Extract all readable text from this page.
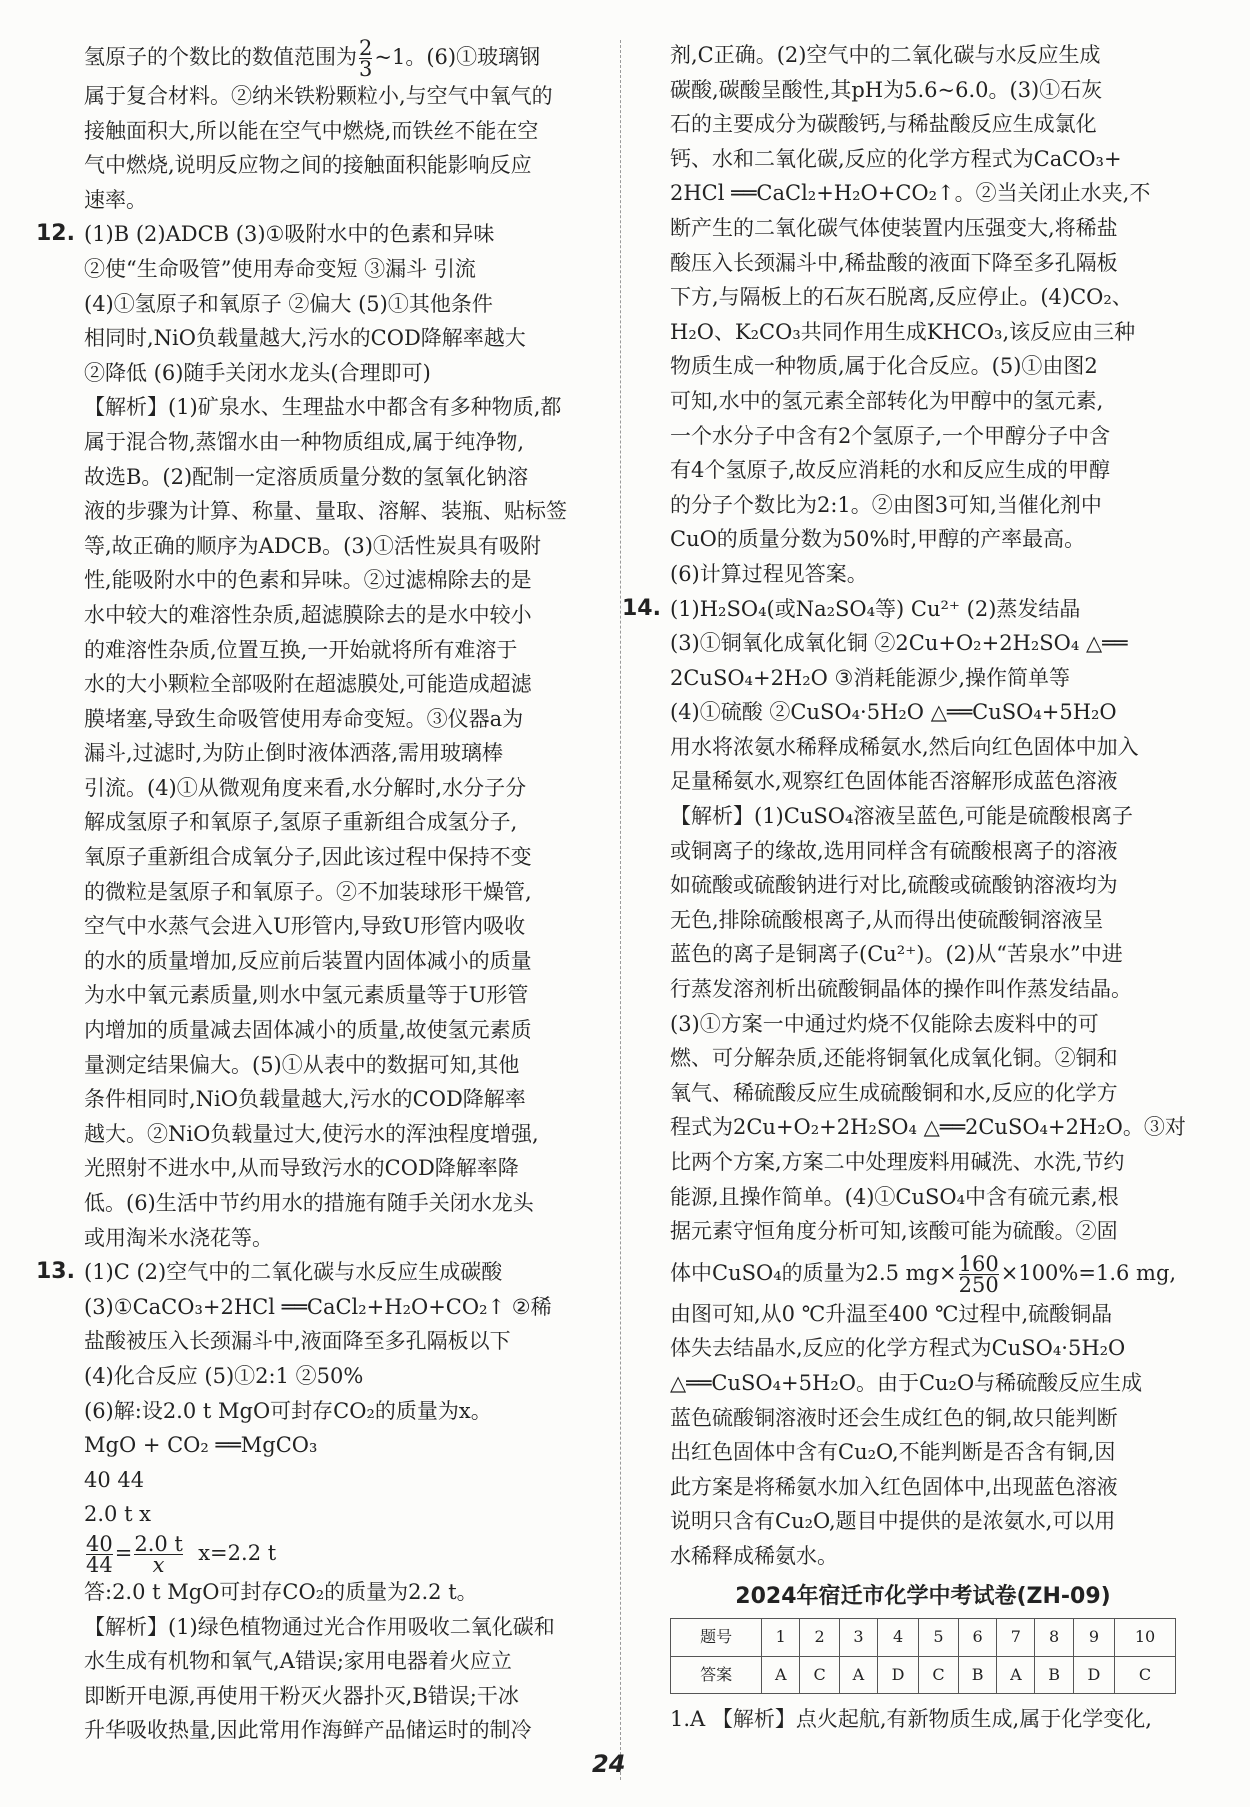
氢原子的个数比的数值范围为 $\frac{2}{3}$ ~1。(6)①玻璃钢

属于复合材料。②纳米铁粉颗粒小,与空气中氧气的

接触面积大,所以能在空气中燃烧,而铁丝不能在空

气中燃烧,说明反应物之间的接触面积能影响反应

速率。

12. (1)B (2)ADCB (3)①吸附水中的色素和异味

②使“生命吸管”使用寿命变短 ③漏斗 引流

(4)①氢原子和氧原子 ②偏大 (5)①其他条件

相同时,NiO负载量越大,污水的COD降解率越大

②降低 (6)随手关闭水龙头(合理即可)

【解析】(1)矿泉水、生理盐水中都含有多种物质,都

属于混合物,蒸馏水由一种物质组成,属于纯净物,

故选B。(2)配制一定溶质质量分数的氢氧化钠溶

液的步骤为计算、称量、量取、溶解、装瓶、贴标签

等,故正确的顺序为ADCB。(3)①活性炭具有吸附

性,能吸附水中的色素和异味。②过滤棉除去的是

水中较大的难溶性杂质,超滤膜除去的是水中较小

的难溶性杂质,位置互换,一开始就将所有难溶于

水的大小颗粒全部吸附在超滤膜处,可能造成超滤

膜堵塞,导致生命吸管使用寿命变短。③仪器a为

漏斗,过滤时,为防止倒时液体洒落,需用玻璃棒

引流。(4)①从微观角度来看,水分解时,水分子分

解成氢原子和氧原子,氢原子重新组合成氢分子,

氧原子重新组合成氧分子,因此该过程中保持不变

的微粒是氢原子和氧原子。②不加装球形干燥管,

空气中水蒸气会进入U形管内,导致U形管内吸收

的水的质量增加,反应前后装置内固体减小的质量

为水中氧元素质量,则水中氢元素质量等于U形管

内增加的质量减去固体减小的质量,故使氢元素质

量测定结果偏大。(5)①从表中的数据可知,其他

条件相同时,NiO负载量越大,污水的COD降解率

越大。②NiO负载量过大,使污水的浑浊程度增强,

光照射不进水中,从而导致污水的COD降解率降

低。(6)生活中节约用水的措施有随手关闭水龙头

或用淘米水浇花等。

13. (1)C (2)空气中的二氧化碳与水反应生成碳酸

(3)①CaCO₃+2HCl ══CaCl₂+H₂O+CO₂↑ ②稀

盐酸被压入长颈漏斗中,液面降至多孔隔板以下

(4)化合反应 (5)①2:1 ②50%

(6)解:设2.0 t MgO可封存CO₂的质量为x。

MgO + CO₂ ══MgCO₃

40 44

2.0 t x

$\frac{40}{44} = \frac{2.0 t}{x} x=2.2$ t

答:2.0 t MgO可封存CO₂的质量为2.2 t。

【解析】(1)绿色植物通过光合作用吸收二氧化碳和

水生成有机物和氧气,A错误;家用电器着火应立

即断开电源,再使用干粉灭火器扑灭,B错误;干冰

升华吸收热量,因此常用作海鲜产品储运时的制冷

剂,C正确。(2)空气中的二氧化碳与水反应生成

碳酸,碳酸呈酸性,其pH为5.6~6.0。(3)①石灰

石的主要成分为碳酸钙,与稀盐酸反应生成氯化

钙、水和二氧化碳,反应的化学方程式为CaCO₃+

2HCl ══CaCl₂+H₂O+CO₂↑。②当关闭止水夹,不

断产生的二氧化碳气体使装置内压强变大,将稀盐

酸压入长颈漏斗中,稀盐酸的液面下降至多孔隔板

下方,与隔板上的石灰石脱离,反应停止。(4)CO₂、

H₂O、K₂CO₃共同作用生成KHCO₃,该反应由三种

物质生成一种物质,属于化合反应。(5)①由图2

可知,水中的氢元素全部转化为甲醇中的氢元素,

一个水分子中含有2个氢原子,一个甲醇分子中含

有4个氢原子,故反应消耗的水和反应生成的甲醇

的分子个数比为2:1。②由图3可知,当催化剂中

CuO的质量分数为50%时,甲醇的产率最高。

(6)计算过程见答案。

14. (1)H₂SO₄(或Na₂SO₄等) Cu²⁺ (2)蒸发结晶

(3)①铜氧化成氧化铜 ②2Cu+O₂+2H₂SO₄ △══

2CuSO₄+2H₂O ③消耗能源少,操作简单等

(4)①硫酸 ②CuSO₄·5H₂O △══CuSO₄+5H₂O

用水将浓氨水稀释成稀氨水,然后向红色固体中加入

足量稀氨水,观察红色固体能否溶解形成蓝色溶液

【解析】(1)CuSO₄溶液呈蓝色,可能是硫酸根离子

或铜离子的缘故,选用同样含有硫酸根离子的溶液

如硫酸或硫酸钠进行对比,硫酸或硫酸钠溶液均为

无色,排除硫酸根离子,从而得出使硫酸铜溶液呈

蓝色的离子是铜离子(Cu²⁺)。(2)从“苦泉水”中进

行蒸发溶剂析出硫酸铜晶体的操作叫作蒸发结晶。

(3)①方案一中通过灼烧不仅能除去废料中的可

燃、可分解杂质,还能将铜氧化成氧化铜。②铜和

氧气、稀硫酸反应生成硫酸铜和水,反应的化学方

程式为2Cu+O₂+2H₂SO₄ △══2CuSO₄+2H₂O。③对

比两个方案,方案二中处理废料用碱洗、水洗,节约

能源,且操作简单。(4)①CuSO₄中含有硫元素,根

据元素守恒角度分析可知,该酸可能为硫酸。②固

体中CuSO₄的质量为2.5 $mg\times \frac{160}{250} \times 100\%=1.6$ mg,

由图可知,从0 ℃升温至400 ℃过程中,硫酸铜晶

体失去结晶水,反应的化学方程式为CuSO₄·5H₂O

△══CuSO₄+5H₂O。由于Cu₂O与稀硫酸反应生成

蓝色硫酸铜溶液时还会生成红色的铜,故只能判断

出红色固体中含有Cu₂O,不能判断是否含有铜,因

此方案是将稀氨水加入红色固体中,出现蓝色溶液

说明只含有Cu₂O,题目中提供的是浓氨水,可以用

水稀释成稀氨水。

2024年宿迁市化学中考试卷(ZH-09)
题号	1	2	3	4	5	6	7	8	9	10
答案	A	C	A	D	C	B	A	B	D	C

1.A 【解析】点火起航,有新物质生成,属于化学变化,

24
